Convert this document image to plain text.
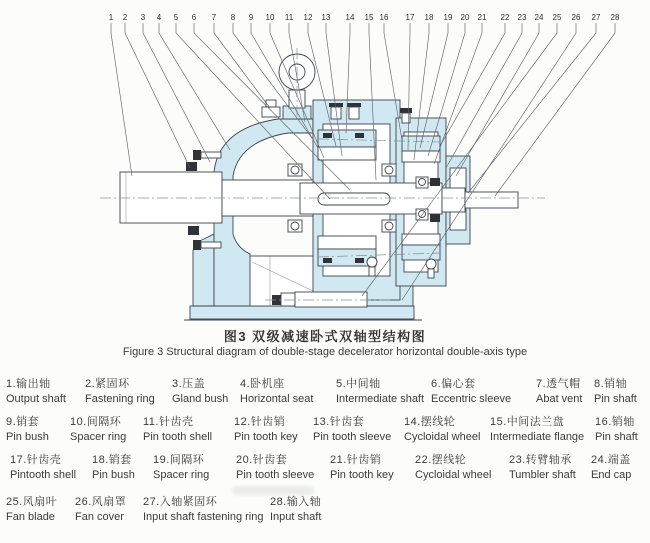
1 2 3 4 5 6 7 8 9 10 11 12 13 14 15 16 17 18 19 20 21 22 23 24 25 26 27 28
图3 双级减速卧式双轴型结构图
Figure 3 Structural diagram of double-stage decelerator horizontal double-axis type
1.输出轴
Output shaft
2.紧固环
Fastening ring
3.压盖
Gland bush
4.卧机座
Horizontal seat
5.中间轴
Intermediate shaft
6.偏心套
Eccentric sleeve
7.透气帽
Abat vent
8.销轴
Pin shaft
9.销套
Pin bush
10.间隔环
Spacer ring
11.针齿壳
Pin tooth shell
12.针齿销
Pin tooth key
13.针齿套
Pin tooth sleeve
14.摆线轮
Cycloidal wheel
15.中间法兰盘
Intermediate flange
16.销轴
Pin shaft
17.针齿壳
Pintooth shell
18.销套
Pin bush
19.间隔环
Spacer ring
20.针齿套
Pin tooth sleeve
21.针齿销
Pin tooth key
22.摆线轮
Cycloidal wheel
23.转臂轴承
Tumbler shaft
24.端盖
End cap
25.风扇叶
Fan blade
26.风扇罩
Fan cover
27.入轴紧固环
Input shaft fastening ring
28.输入轴
Input shaft
